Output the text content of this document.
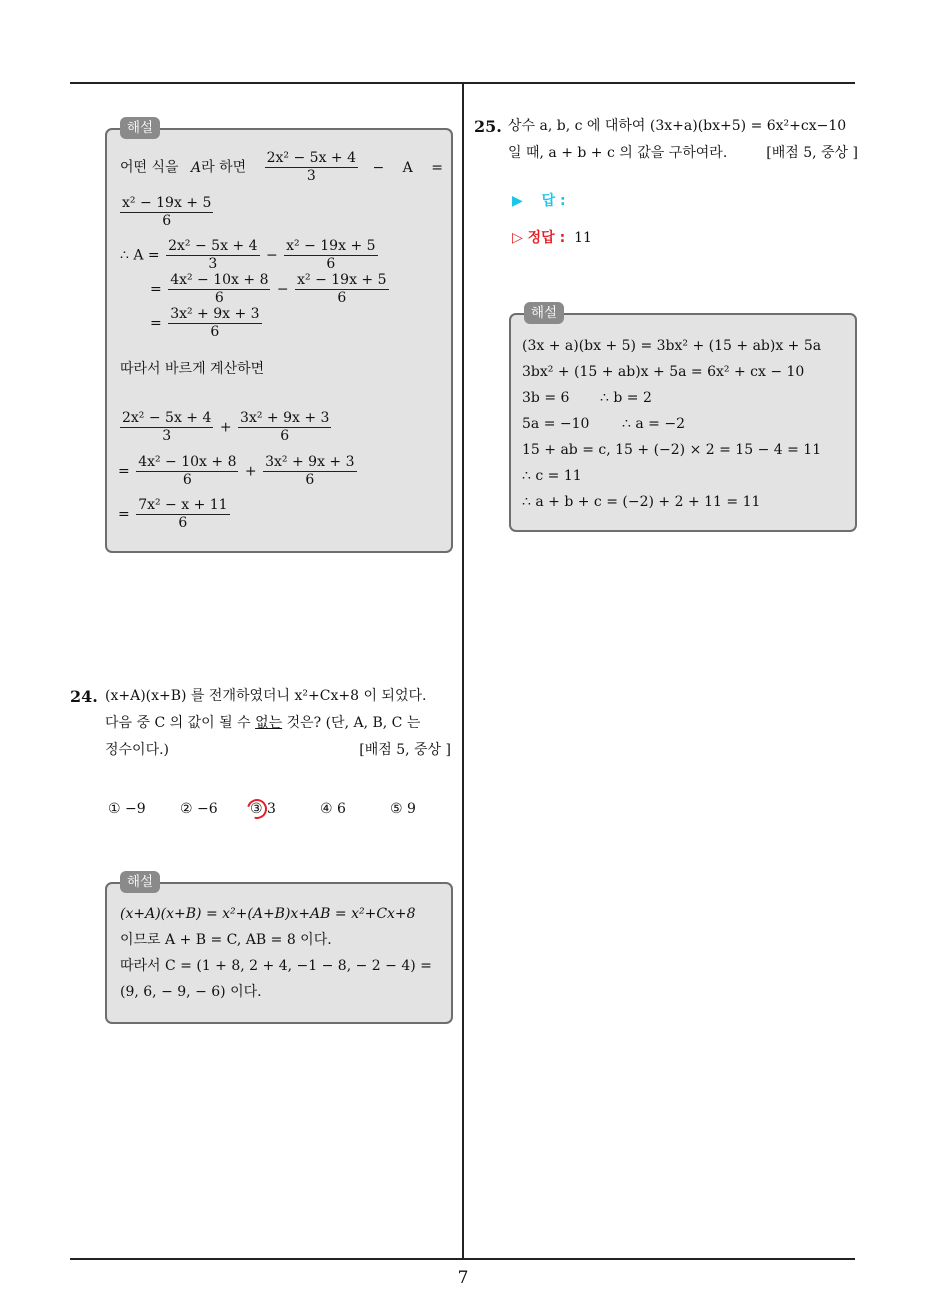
해설
어떤 식을 A라 하면 $\frac{\text{2x² − 5x + 4}}{3} - A$ =
$\frac{\text{x² − 19x + 5}}{6}$
∴ $A = \frac{\text{2x² − 5x + 4}}{3} - \frac{\text{x² − 19x + 5}}{6}$
= $\frac{\text{4x² − 10x + 8}}{6} - \frac{\text{x² − 19x + 5}}{6}$
= $\frac{\text{3x² + 9x + 3}}{6}$
따라서 바르게 계산하면
$\frac{\text{2x² − 5x + 4}}{3} + \frac{\text{3x² + 9x + 3}}{6}$
= $\frac{\text{4x² − 10x + 8}}{6} + \frac{\text{3x² + 9x + 3}}{6}$
= $\frac{\text{7x² − x + 11}}{6}$
24. (x+A)(x+B) 를 전개하였더니 x²+Cx+8 이 되었다.
다음 중 C 의 값이 될 수 없는 것은? (단, A, B, C 는
정수이다.)	[배점 5, 중상 ]
① −9 ② −6 ③ 3	④ 6	⑤ 9
해설
(x+A)(x+B) = x²+(A+B)x+AB = x²+Cx+8
이므로 A + B = C, AB = 8 이다.
따라서 C = (1 + 8, 2 + 4, −1 − 8, − 2 − 4) =
(9, 6, − 9, − 6) 이다.
25. 상수 a, b, c 에 대하여 (3x+a)(bx+5) = 6x²+cx−10
일 때, a + b + c 의 값을 구하여라.	[배점 5, 중상 ]
▶ 답 :
▷ 정답 : 11
해설
(3x + a)(bx + 5) = 3bx² + (15 + ab)x + 5a
3bx² + (15 + ab)x + 5a = 6x² + cx − 10
3b = 6 ∴ b = 2
5a = −10 ∴ a = −2
15 + ab = c, 15 + (−2) × 2 = 15 − 4 = 11
∴ c = 11
∴ a + b + c = (−2) + 2 + 11 = 11
7
